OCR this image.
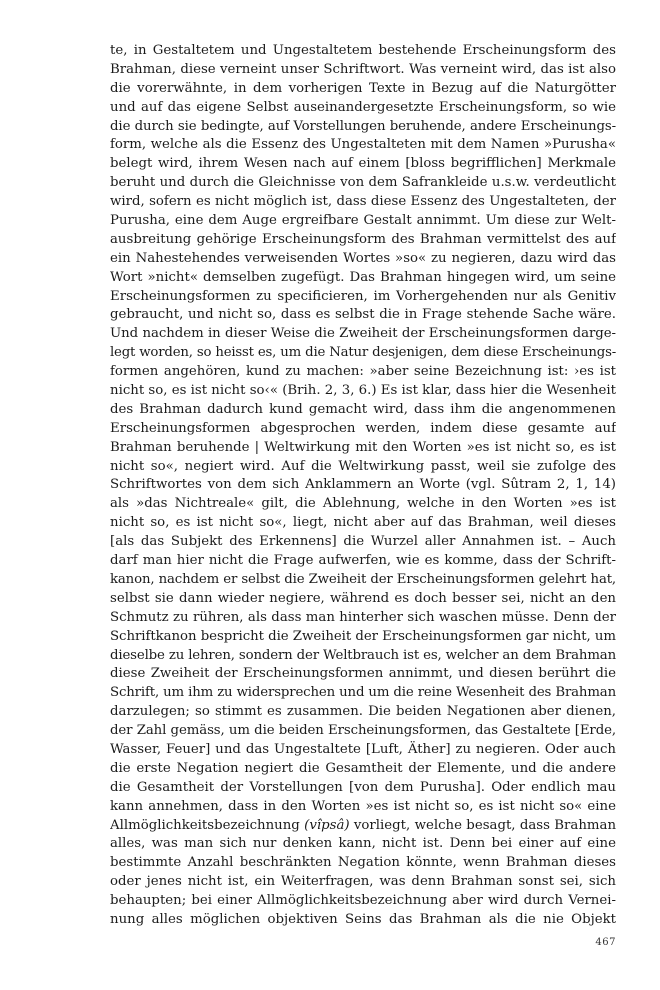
te, in Gestaltetem und Ungestaltetem bestehende Erscheinungsform des
Brahman, diese verneint unser Schriftwort. Was verneint wird, das ist also
die vorerwähnte, in dem vorherigen Texte in Bezug auf die Naturgötter
und auf das eigene Selbst auseinandergesetzte Erscheinungsform, so wie
die durch sie bedingte, auf Vorstellungen beruhende, andere Erscheinungs-
form, welche als die Essenz des Ungestalteten mit dem Namen »Purusha«
belegt wird, ihrem Wesen nach auf einem [bloss begrifflichen] Merkmale
beruht und durch die Gleichnisse von dem Safrankleide u.s.w. verdeutlicht
wird, sofern es nicht möglich ist, dass diese Essenz des Ungestalteten, der
Purusha, eine dem Auge ergreifbare Gestalt annimmt. Um diese zur Welt-
ausbreitung gehörige Erscheinungsform des Brahman vermittelst des auf
ein Nahestehendes verweisenden Wortes »so« zu negieren, dazu wird das
Wort »nicht« demselben zugefügt. Das Brahman hingegen wird, um seine
Erscheinungsformen zu specificieren, im Vorhergehenden nur als Genitiv
gebraucht, und nicht so, dass es selbst die in Frage stehende Sache wäre.
Und nachdem in dieser Weise die Zweiheit der Erscheinungsformen darge-
legt worden, so heisst es, um die Natur desjenigen, dem diese Erscheinungs-
formen angehören, kund zu machen: »aber seine Bezeichnung ist: ›es ist
nicht so, es ist nicht so‹« (Brih. 2, 3, 6.) Es ist klar, dass hier die Wesenheit
des Brahman dadurch kund gemacht wird, dass ihm die angenommenen
Erscheinungsformen abgesprochen werden, indem diese gesamte auf
Brahman beruhende | Weltwirkung mit den Worten »es ist nicht so, es ist
nicht so«, negiert wird. Auf die Weltwirkung passt, weil sie zufolge des
Schriftwortes von dem sich Anklammern an Worte (vgl. Sûtram 2, 1, 14)
als »das Nichtreale« gilt, die Ablehnung, welche in den Worten »es ist
nicht so, es ist nicht so«, liegt, nicht aber auf das Brahman, weil dieses
[als das Subjekt des Erkennens] die Wurzel aller Annahmen ist. – Auch
darf man hier nicht die Frage aufwerfen, wie es komme, dass der Schrift-
kanon, nachdem er selbst die Zweiheit der Erscheinungsformen gelehrt hat,
selbst sie dann wieder negiere, während es doch besser sei, nicht an den
Schmutz zu rühren, als dass man hinterher sich waschen müsse. Denn der
Schriftkanon bespricht die Zweiheit der Erscheinungsformen gar nicht, um
dieselbe zu lehren, sondern der Weltbrauch ist es, welcher an dem Brahman
diese Zweiheit der Erscheinungsformen annimmt, und diesen berührt die
Schrift, um ihm zu widersprechen und um die reine Wesenheit des Brahman
darzulegen; so stimmt es zusammen. Die beiden Negationen aber dienen,
der Zahl gemäss, um die beiden Erscheinungsformen, das Gestaltete [Erde,
Wasser, Feuer] und das Ungestaltete [Luft, Äther] zu negieren. Oder auch
die erste Negation negiert die Gesamtheit der Elemente, und die andere
die Gesamtheit der Vorstellungen [von dem Purusha]. Oder endlich mau
kann annehmen, dass in den Worten »es ist nicht so, es ist nicht so« eine
Allmöglichkeitsbezeichnung (vîpsâ) vorliegt, welche besagt, dass Brahman
alles, was man sich nur denken kann, nicht ist. Denn bei einer auf eine
bestimmte Anzahl beschränkten Negation könnte, wenn Brahman dieses
oder jenes nicht ist, ein Weiterfragen, was denn Brahman sonst sei, sich
behaupten; bei einer Allmöglichkeitsbezeichnung aber wird durch Vernei-
nung alles möglichen objektiven Seins das Brahman als die nie Objekt
467
